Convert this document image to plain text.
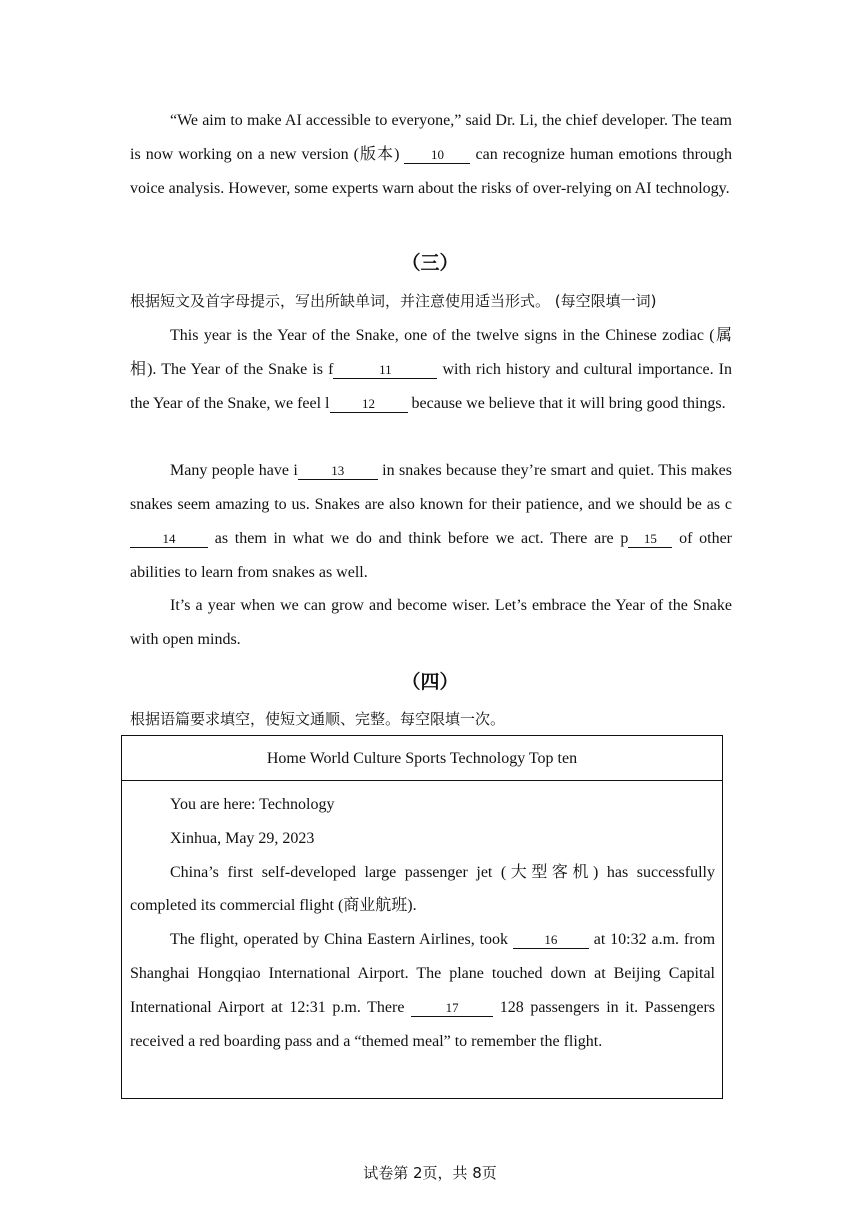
“We aim to make AI accessible to everyone,” said Dr. Li, the chief developer. The team is now working on a new version (版本) 10 can recognize human emotions through voice analysis. However, some experts warn about the risks of over-relying on AI technology.

（三）

根据短文及首字母提示，写出所缺单词，并注意使用适当形式。 (每空限填一词)

This year is the Year of the Snake, one of the twelve signs in the Chinese zodiac (属相). The Year of the Snake is f	11	with rich history and cultural importance. In the Year of the Snake, we feel l	12 because we believe that it will bring good things.

Many people have i	13 in snakes because they’re smart and quiet. This makes snakes seem amazing to us. Snakes are also known for their patience, and we should be as c14 as them in what we do and think before we act. There are p 15 of other abilities to learn from snakes as well.

It’s a year when we can grow and become wiser. Let’s embrace the Year of the Snake with open minds.

（四）

根据语篇要求填空，使短文通顺、完整。每空限填一次。

Home World Culture Sports Technology Top ten

You are here: Technology

Xinhua, May 29, 2023

China’s first self-developed large passenger jet (大型客机) has successfully completed its commercial flight (商业航班).

The flight, operated by China Eastern Airlines, took 16 at 10:32 a.m. from Shanghai Hongqiao International Airport. The plane touched down at Beijing Capital International Airport at 12:31 p.m. There	17 128 passengers in it. Passengers received a red boarding pass and a “themed meal” to remember the flight.

试卷第 2页，共 8页
